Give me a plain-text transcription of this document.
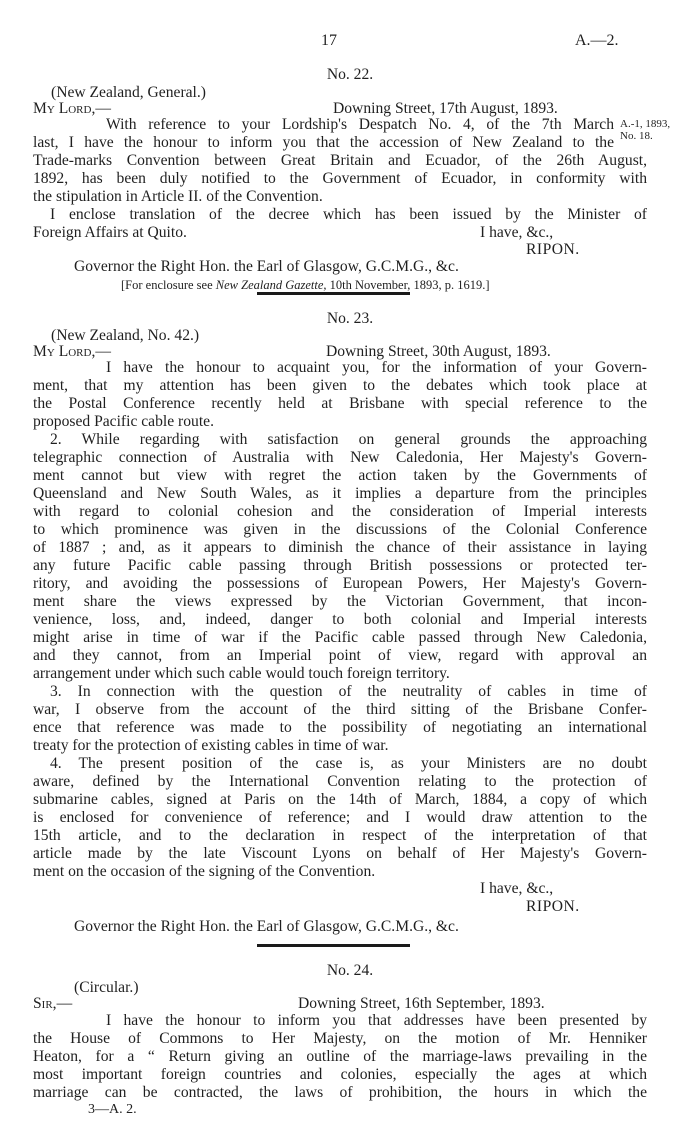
17	A.—2.
No. 22.
(New Zealand, General.)
My Lord,—	Downing Street, 17th August, 1893.
With reference to your Lordship's Despatch No. 4, of the 7th March
last, I have the honour to inform you that the accession of New Zealand to the
Trade-marks Convention between Great Britain and Ecuador, of the 26th August,
1892, has been duly notified to the Government of Ecuador, in conformity with
the stipulation in Article II. of the Convention.
I enclose translation of the decree which has been issued by the Minister of
Foreign Affairs at Quito.
A.-1, 1893,
No. 18.
I have, &c.,
RIPON.
Governor the Right Hon. the Earl of Glasgow, G.C.M.G., &c.
[For enclosure see New Zealand Gazette, 10th November, 1893, p. 1619.]
No. 23.
(New Zealand, No. 42.)
My Lord,—	Downing Street, 30th August, 1893.
I have the honour to acquaint you, for the information of your Govern-
ment, that my attention has been given to the debates which took place at
the Postal Conference recently held at Brisbane with special reference to the
proposed Pacific cable route.
2. While regarding with satisfaction on general grounds the approaching
telegraphic connection of Australia with New Caledonia, Her Majesty's Govern-
ment cannot but view with regret the action taken by the Governments of
Queensland and New South Wales, as it implies a departure from the principles
with regard to colonial cohesion and the consideration of Imperial interests
to which prominence was given in the discussions of the Colonial Conference
of 1887 ; and, as it appears to diminish the chance of their assistance in laying
any future Pacific cable passing through British possessions or protected ter-
ritory, and avoiding the possessions of European Powers, Her Majesty's Govern-
ment share the views expressed by the Victorian Government, that incon-
venience, loss, and, indeed, danger to both colonial and Imperial interests
might arise in time of war if the Pacific cable passed through New Caledonia,
and they cannot, from an Imperial point of view, regard with approval an
arrangement under which such cable would touch foreign territory.
3. In connection with the question of the neutrality of cables in time of
war, I observe from the account of the third sitting of the Brisbane Confer-
ence that reference was made to the possibility of negotiating an international
treaty for the protection of existing cables in time of war.
4. The present position of the case is, as your Ministers are no doubt
aware, defined by the International Convention relating to the protection of
submarine cables, signed at Paris on the 14th of March, 1884, a copy of which
is enclosed for convenience of reference; and I would draw attention to the
15th article, and to the declaration in respect of the interpretation of that
article made by the late Viscount Lyons on behalf of Her Majesty's Govern-
ment on the occasion of the signing of the Convention.
I have, &c.,
RIPON.
Governor the Right Hon. the Earl of Glasgow, G.C.M.G., &c.
No. 24.
(Circular.)
Sir,—	Downing Street, 16th September, 1893.
I have the honour to inform you that addresses have been presented by
the House of Commons to Her Majesty, on the motion of Mr. Henniker
Heaton, for a “ Return giving an outline of the marriage-laws prevailing in the
most important foreign countries and colonies, especially the ages at which
marriage can be contracted, the laws of prohibition, the hours in which the
3—A. 2.
